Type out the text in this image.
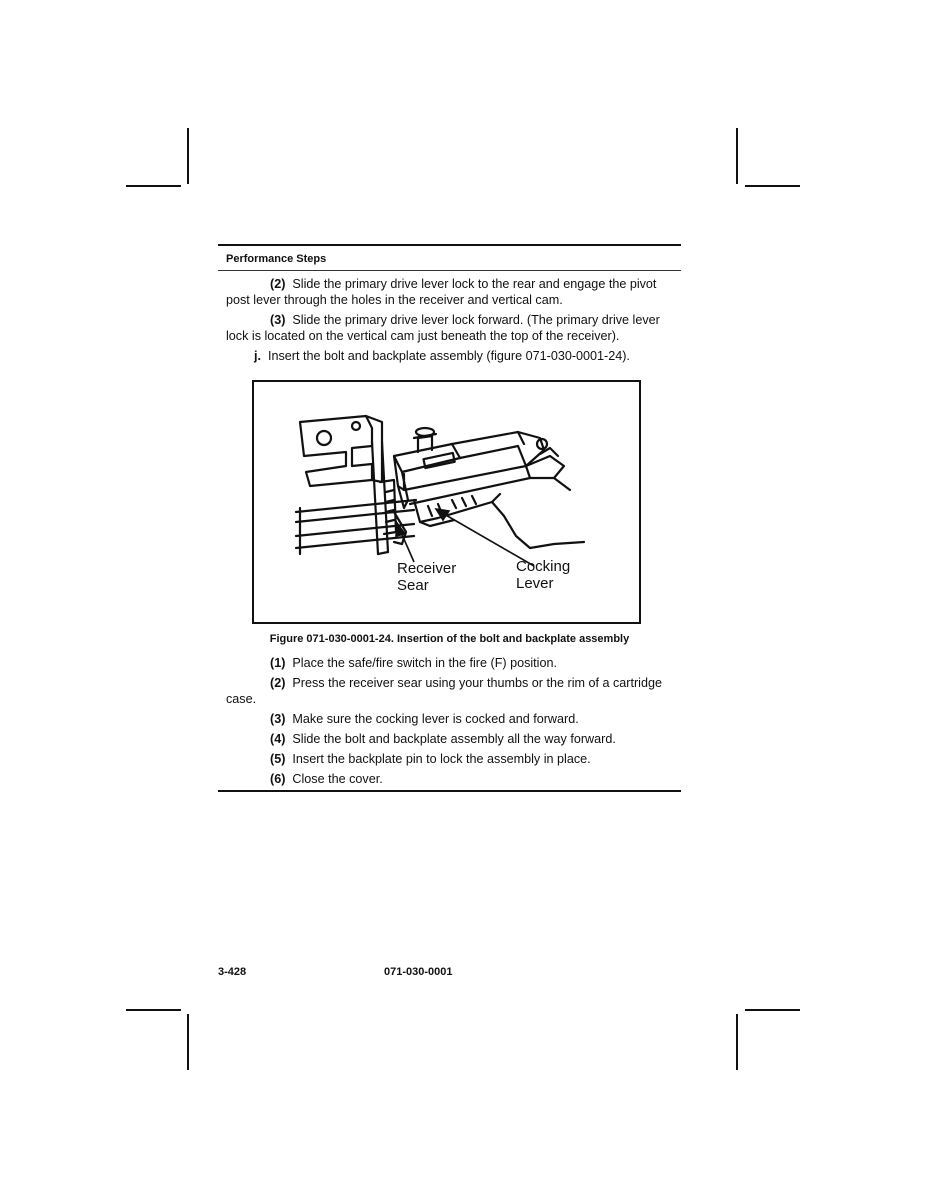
Performance Steps
(2) Slide the primary drive lever lock to the rear and engage the pivot post lever through the holes in the receiver and vertical cam.
(3) Slide the primary drive lever lock forward. (The primary drive lever lock is located on the vertical cam just beneath the top of the receiver).
j. Insert the bolt and backplate assembly (figure 071-030-0001-24).
Receiver
Sear
Cocking
Lever
Figure 071-030-0001-24. Insertion of the bolt and backplate assembly
(1) Place the safe/fire switch in the fire (F) position.
(2) Press the receiver sear using your thumbs or the rim of a cartridge case.
(3) Make sure the cocking lever is cocked and forward.
(4) Slide the bolt and backplate assembly all the way forward.
(5) Insert the backplate pin to lock the assembly in place.
(6) Close the cover.
3-428	071-030-0001
